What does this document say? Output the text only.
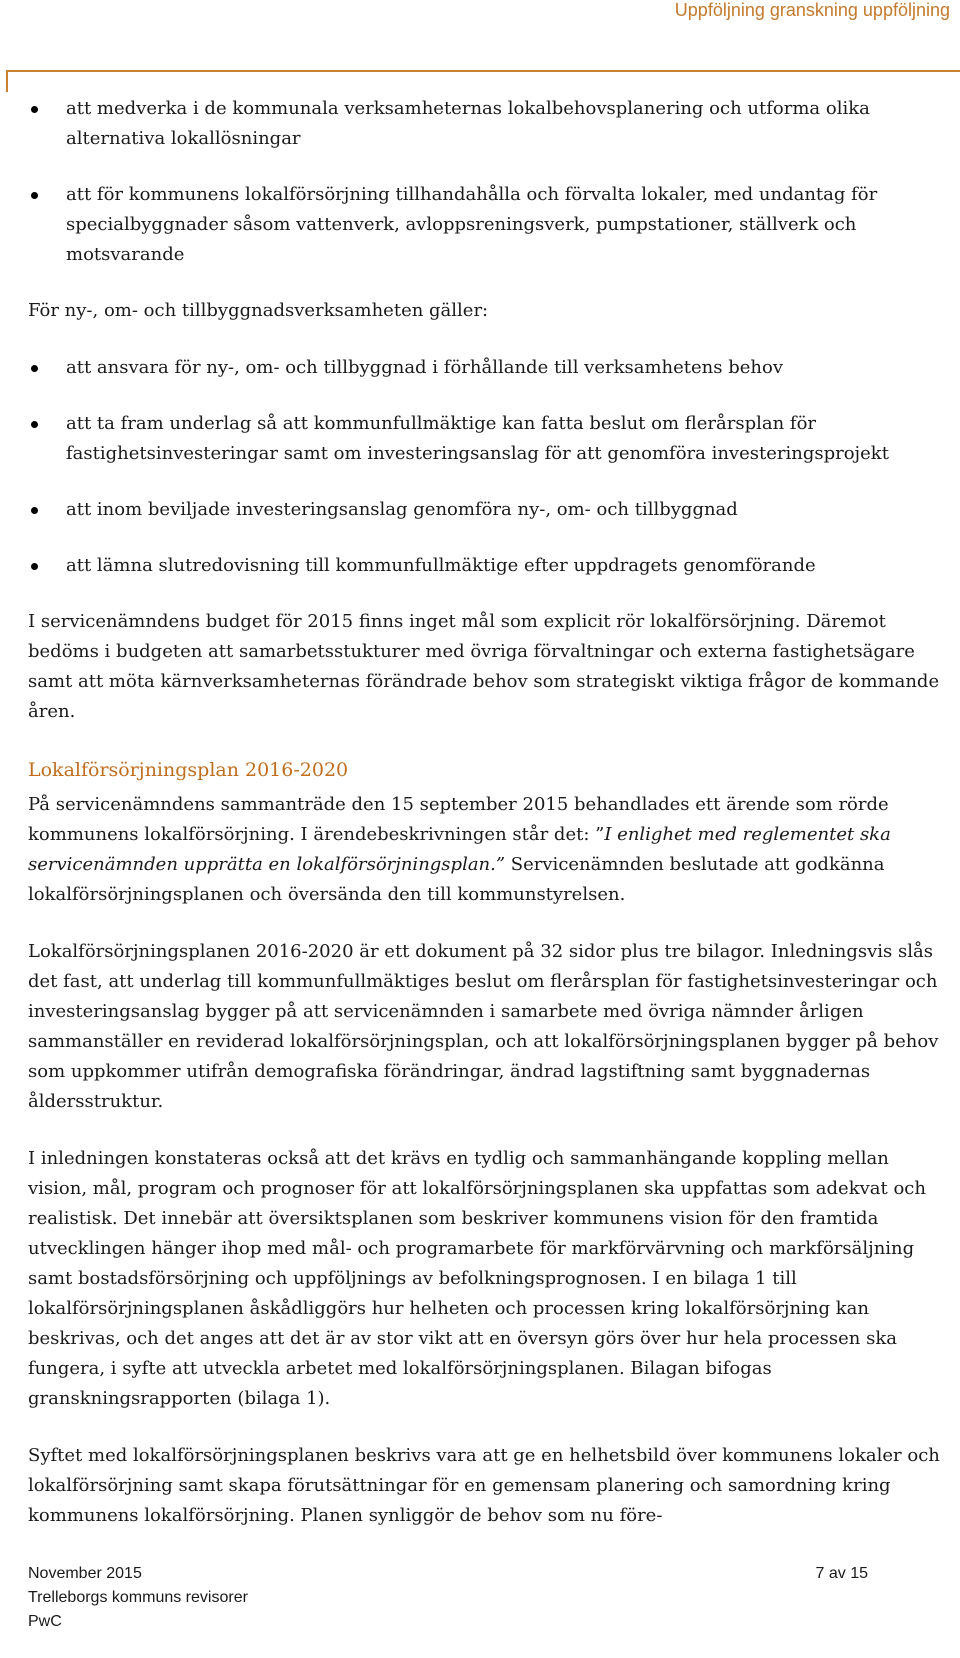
Uppföljning granskning uppföljning
att medverka i de kommunala verksamheternas lokalbehovsplanering och utforma olika alternativa lokallösningar
att för kommunens lokalförsörjning tillhandahålla och förvalta lokaler, med undantag för specialbyggnader såsom vattenverk, avloppsreningsverk, pumpstationer, ställverk och motsvarande

För ny-, om- och tillbyggnadsverksamheten gäller:

att ansvara för ny-, om- och tillbyggnad i förhållande till verksamhetens behov
att ta fram underlag så att kommunfullmäktige kan fatta beslut om flerårsplan för fastighetsinvesteringar samt om investeringsanslag för att genomföra investeringsprojekt
att inom beviljade investeringsanslag genomföra ny-, om- och tillbyggnad
att lämna slutredovisning till kommunfullmäktige efter uppdragets genomförande

I servicenämndens budget för 2015 finns inget mål som explicit rör lokalförsörjning. Däremot bedöms i budgeten att samarbetsstukturer med övriga förvaltningar och externa fastighetsägare samt att möta kärnverksamheternas förändrade behov som strategiskt viktiga frågor de kommande åren.

Lokalförsörjningsplan 2016-2020

På servicenämndens sammanträde den 15 september 2015 behandlades ett ärende som rörde kommunens lokalförsörjning. I ärendebeskrivningen står det: ”I enlighet med reglementet ska servicenämnden upprätta en lokalförsörjningsplan.” Servicenämnden beslutade att godkänna lokalförsörjningsplanen och översända den till kommunstyrelsen.

Lokalförsörjningsplanen 2016-2020 är ett dokument på 32 sidor plus tre bilagor. Inledningsvis slås det fast, att underlag till kommunfullmäktiges beslut om flerårsplan för fastighetsinvesteringar och investeringsanslag bygger på att servicenämnden i samarbete med övriga nämnder årligen sammanställer en reviderad lokalförsörjningsplan, och att lokalförsörjningsplanen bygger på behov som uppkommer utifrån demografiska förändringar, ändrad lagstiftning samt byggnadernas åldersstruktur.

I inledningen konstateras också att det krävs en tydlig och sammanhängande koppling mellan vision, mål, program och prognoser för att lokalförsörjningsplanen ska uppfattas som adekvat och realistisk. Det innebär att översiktsplanen som beskriver kommunens vision för den framtida utvecklingen hänger ihop med mål- och programarbete för markförvärvning och markförsäljning samt bostadsförsörjning och uppföljnings av befolkningsprognosen. I en bilaga 1 till lokalförsörjningsplanen åskådliggörs hur helheten och processen kring lokalförsörjning kan beskrivas, och det anges att det är av stor vikt att en översyn görs över hur hela processen ska fungera, i syfte att utveckla arbetet med lokalförsörjningsplanen. Bilagan bifogas granskningsrapporten (bilaga 1).

Syftet med lokalförsörjningsplanen beskrivs vara att ge en helhetsbild över kommunens lokaler och lokalförsörjning samt skapa förutsättningar för en gemensam planering och samordning kring kommunens lokalförsörjning. Planen synliggör de behov som nu före-

November 2015
Trelleborgs kommuns revisorer
PwC
7 av 15
